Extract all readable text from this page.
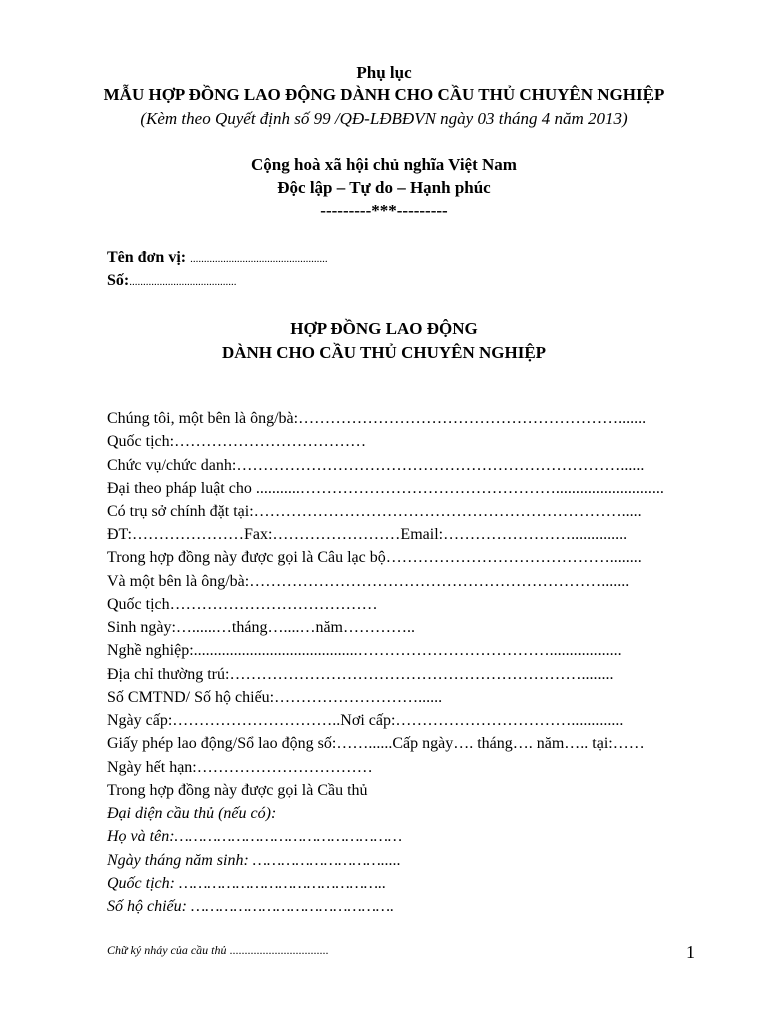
Phụ lục
MẪU HỢP ĐỒNG LAO ĐỘNG DÀNH CHO CẦU THỦ CHUYÊN NGHIỆP
(Kèm theo Quyết định số 99 /QĐ-LĐBĐVN ngày 03 tháng 4 năm 2013)
Cộng hoà xã hội chủ nghĩa Việt Nam
Độc lập – Tự do – Hạnh phúc
---------***---------
Tên đơn vị: ..................................................
Số:.......................................
HỢP ĐỒNG LAO ĐỘNG
DÀNH CHO CẦU THỦ CHUYÊN NGHIỆP
Chúng tôi, một bên là ông/bà:…………………………………………………….......
Quốc tịch:………………………………
Chức vụ/chức danh:………………………………………………………………......
Đại theo pháp luật cho ...........…………………………………………...........................
Có trụ sở chính đặt tại:…………………………………………………………….....
ĐT:…………………Fax:……………………Email:……………………..............
Trong hợp đồng này được gọi là Câu lạc bộ……………………………………........
Và một bên là ông/bà:………………………………………………………….......
Quốc tịch…………………………………
Sinh ngày:…......…tháng…....…năm…………..
Nghề nghiệp:.........................................………………………………..................
Địa chỉ thường trú:…………………………………………………………........
Số CMTND/ Số hộ chiếu:………………………......
Ngày cấp:…………………………..Nơi cấp:…………………………….............
Giấy phép lao động/Sổ lao động số:……......Cấp ngày…. tháng…. năm….. tại:……
Ngày hết hạn:……………………………
Trong hợp đồng này được gọi là Cầu thủ
Đại diện cầu thủ (nếu có):
Họ và tên:…………………………………………
Ngày tháng năm sinh: ……………………….....
Quốc tịch: ……………………………………..
Số hộ chiếu: …………………………………….
Chữ ký nháy của cầu thủ .................................	1
